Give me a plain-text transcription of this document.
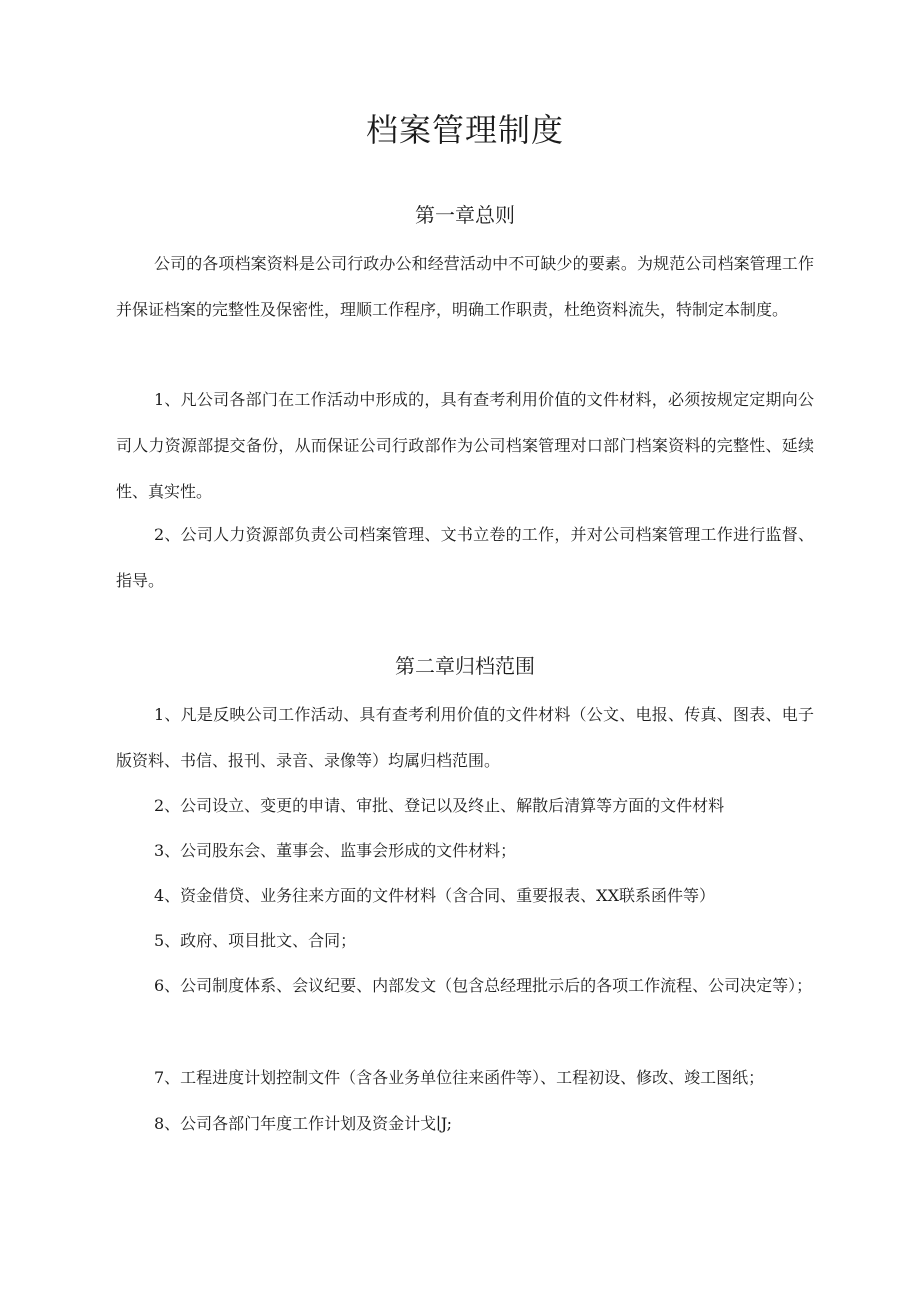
档案管理制度
第一章总则

公司的各项档案资料是公司行政办公和经营活动中不可缺少的要素。为规范公司档案管理工作并保证档案的完整性及保密性，理顺工作程序，明确工作职责，杜绝资料流失，特制定本制度。

1、凡公司各部门在工作活动中形成的，具有查考利用价值的文件材料，必须按规定定期向公司人力资源部提交备份，从而保证公司行政部作为公司档案管理对口部门档案资料的完整性、延续性、真实性。

2、公司人力资源部负责公司档案管理、文书立卷的工作，并对公司档案管理工作进行监督、指导。

第二章归档范围

1、凡是反映公司工作活动、具有查考利用价值的文件材料（公文、电报、传真、图表、电子版资料、书信、报刊、录音、录像等）均属归档范围。

2、公司设立、变更的申请、审批、登记以及终止、解散后清算等方面的文件材料

3、公司股东会、董事会、监事会形成的文件材料；

4、资金借贷、业务往来方面的文件材料（含合同、重要报表、XX联系函件等）

5、政府、项目批文、合同；

6、公司制度体系、会议纪要、内部发文（包含总经理批示后的各项工作流程、公司决定等）；

7、工程进度计划控制文件（含各业务单位往来函件等）、工程初设、修改、竣工图纸；

8、公司各部门年度工作计划及资金计戈∣J;
